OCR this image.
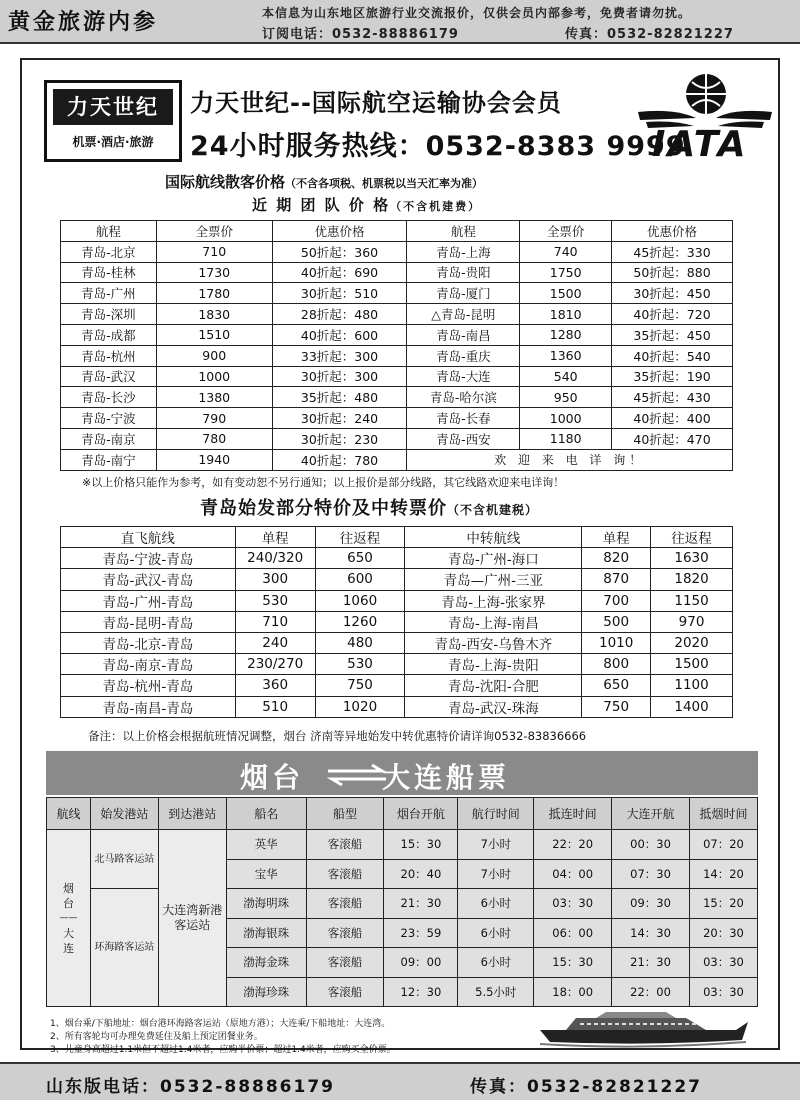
黄金旅游内参	本信息为山东地区旅游行业交流报价，仅供会员内部参考，免费者请勿扰。
订阅电话：0532-88886179	传真：0532-82821227
力天世纪
机票·酒店·旅游
力天世纪--国际航空运输协会会员
24小时服务热线：0532-8383 9999
IATA
国际航线散客价格（不含各项税、机票税以当天汇率为准）
近 期 团 队 价 格（不含机建费）
航程	全票价	优惠价格	航程	全票价	优惠价格
青岛-北京	710	50折起：360	青岛-上海	740	45折起：330
青岛-桂林	1730	40折起：690	青岛-贵阳	1750	50折起：880
青岛-广州	1780	30折起：510	青岛-厦门	1500	30折起：450
青岛-深圳	1830	28折起：480	△青岛-昆明	1810	40折起：720
青岛-成都	1510	40折起：600	青岛-南昌	1280	35折起：450
青岛-杭州	900	33折起：300	青岛-重庆	1360	40折起：540
青岛-武汉	1000	30折起：300	青岛-大连	540	35折起：190
青岛-长沙	1380	35折起：480	青岛-哈尔滨	950	45折起：430
青岛-宁波	790	30折起：240	青岛-长春	1000	40折起：400
青岛-南京	780	30折起：230	青岛-西安	1180	40折起：470
青岛-南宁	1940	40折起：780	欢 迎 来 电 详 询！		
※以上价格只能作为参考，如有变动恕不另行通知；以上报价是部分线路，其它线路欢迎来电详询！
青岛始发部分特价及中转票价（不含机建税）
直飞航线	单程	往返程	中转航线	单程	往返程
青岛-宁波-青岛	240/320	650	青岛-广州-海口	820	1630
青岛-武汉-青岛	300	600	青岛—广州-三亚	870	1820
青岛-广州-青岛	530	1060	青岛-上海-张家界	700	1150
青岛-昆明-青岛	710	1260	青岛-上海-南昌	500	970
青岛-北京-青岛	240	480	青岛-西安-乌鲁木齐	1010	2020
青岛-南京-青岛	230/270	530	青岛-上海-贵阳	800	1500
青岛-杭州-青岛	360	750	青岛-沈阳-合肥	650	1100
青岛-南昌-青岛	510	1020	青岛-武汉-珠海	750	1400
备注：以上价格会根据航班情况调整，烟台 济南等异地始发中转优惠特价请详询0532-83836666
烟台	大连船票
航线	始发港站	到达港站	船名	船型	烟台开航	航行时间	抵连时间	大连开航	抵烟时间

烟
台
——
大
连	北马路客运站	大连湾新港客运站	英华	客滚船	15：30	7小时	22：20	00：30	07：20
			宝华	客滚船	20：40	7小时	04：00	07：30	14：20
	环海路客运站		渤海明珠	客滚船	21：30	6小时	03：30	09：30	15：20
			渤海银珠	客滚船	23：59	6小时	06：00	14：30	20：30
			渤海金珠	客滚船	09：00	6小时	15：30	21：30	03：30
			渤海珍珠	客滚船	12：30	5.5小时	18：00	22：00	03：30
1、烟台乘/下船地址：烟台港环海路客运站（原地方港）；大连乘/下船地址：大连湾。
2、所有客轮均可办理免费延住及船上预定团餐业务。
3、儿童身高超过1.1米但不超过1.4米者，应购半价票；超过1.4米者，应购买全价票。
山东版电话：0532-88886179	传真：0532-82821227
